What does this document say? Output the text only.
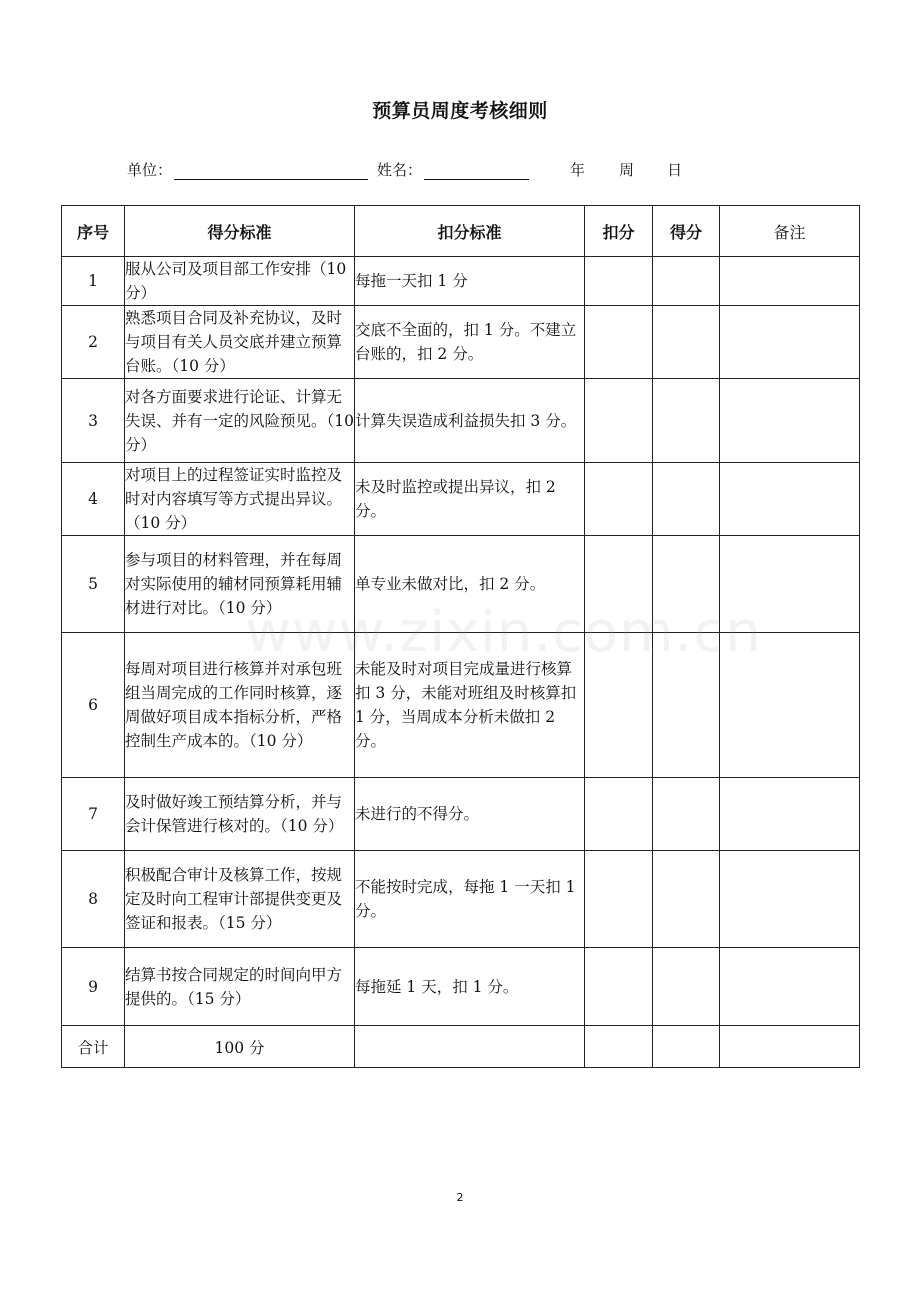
预算员周度考核细则
单位：	姓名：	年 周 日
序号	得分标准	扣分标准	扣分	得分	备注
1	服从公司及项目部工作安排（10分）	每拖一天扣 1 分			
2	熟悉项目合同及补充协议，及时与项目有关人员交底并建立预算台账。（10 分）	交底不全面的，扣 1 分。不建立台账的，扣 2 分。			
3	对各方面要求进行论证、计算无失误、并有一定的风险预见。（10 分）	计算失误造成利益损失扣 3 分。			
4	对项目上的过程签证实时监控及时对内容填写等方式提出异议。（10 分）	未及时监控或提出异议，扣 2 分。			
5	参与项目的材料管理，并在每周对实际使用的辅材同预算耗用辅材进行对比。（10 分）	单专业未做对比，扣 2 分。			
6	每周对项目进行核算并对承包班组当周完成的工作同时核算，逐周做好项目成本指标分析，严格控制生产成本的。（10 分）	未能及时对项目完成量进行核算扣 3 分，未能对班组及时核算扣 1 分，当周成本分析未做扣 2 分。			
7	及时做好竣工预结算分析，并与会计保管进行核对的。（10 分）	未进行的不得分。			
8	积极配合审计及核算工作，按规定及时向工程审计部提供变更及签证和报表。（15 分）	不能按时完成，每拖 1 一天扣 1 分。			
9	结算书按合同规定的时间向甲方提供的。（15 分）	每拖延 1 天，扣 1 分。			
合计	100 分				
www.zixin.com.cn
2
